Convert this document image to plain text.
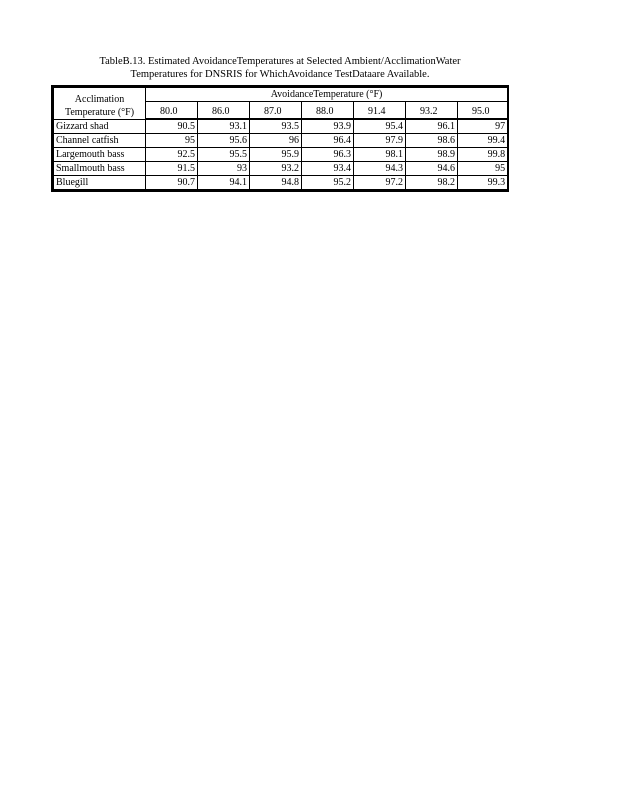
TableB.13. Estimated AvoidanceTemperatures at Selected Ambient/AcclimationWater
Temperatures for DNSRIS for WhichAvoidance TestDataare Available.
Acclimation
Temperature (°F)	AvoidanceTemperature (°F)						
	80.0	86.0	87.0	88.0	91.4	93.2	95.0
Gizzard shad	90.5	93.1	93.5	93.9	95.4	96.1	97
Channel catfish	95	95.6	96	96.4	97.9	98.6	99.4
Largemouth bass	92.5	95.5	95.9	96.3	98.1	98.9	99.8
Smallmouth bass	91.5	93	93.2	93.4	94.3	94.6	95
Bluegill	90.7	94.1	94.8	95.2	97.2	98.2	99.3
